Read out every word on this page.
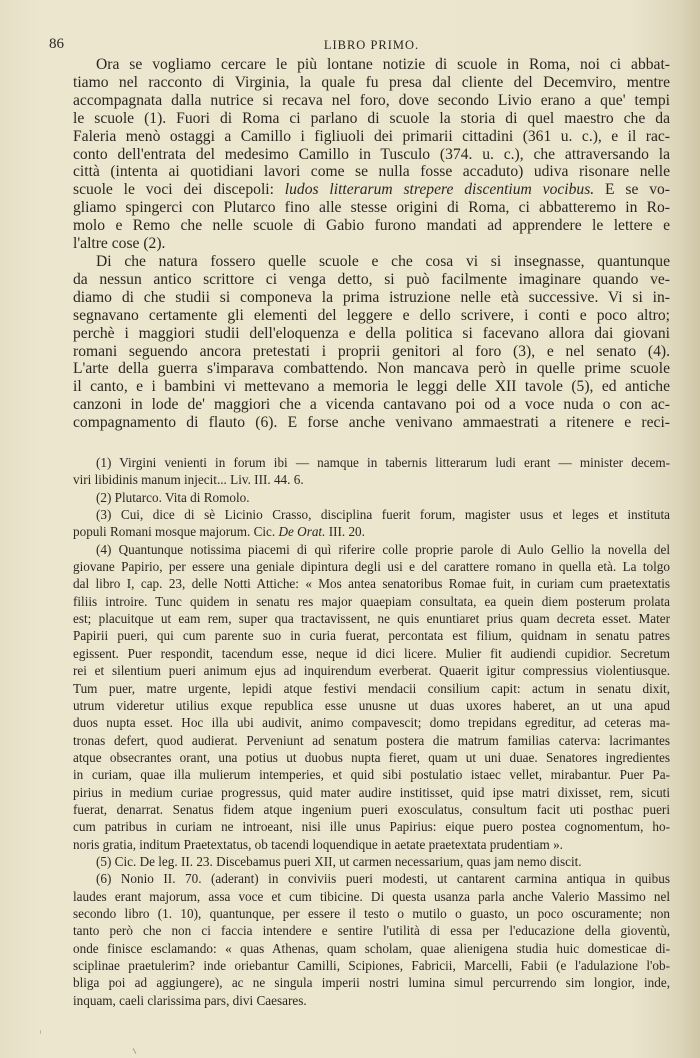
86	LIBRO PRIMO.
Ora se vogliamo cercare le più lontane notizie di scuole in Roma, noi ci abbat-
tiamo nel racconto di Virginia, la quale fu presa dal cliente del Decemviro, mentre
accompagnata dalla nutrice si recava nel foro, dove secondo Livio erano a que' tempi
le scuole (1). Fuori di Roma ci parlano di scuole la storia di quel maestro che da
Faleria menò ostaggi a Camillo i figliuoli dei primarii cittadini (361 u. c.), e il rac-
conto dell'entrata del medesimo Camillo in Tusculo (374. u. c.), che attraversando la
città (intenta ai quotidiani lavori come se nulla fosse accaduto) udiva risonare nelle
scuole le voci dei discepoli: ludos litterarum strepere discentium vocibus. E se vo-
gliamo spingerci con Plutarco fino alle stesse origini di Roma, ci abbatteremo in Ro-
molo e Remo che nelle scuole di Gabio furono mandati ad apprendere le lettere e
l'altre cose (2).
Di che natura fossero quelle scuole e che cosa vi si insegnasse, quantunque
da nessun antico scrittore ci venga detto, si può facilmente imaginare quando ve-
diamo di che studii si componeva la prima istruzione nelle età successive. Vi si in-
segnavano certamente gli elementi del leggere e dello scrivere, i conti e poco altro;
perchè i maggiori studii dell'eloquenza e della politica si facevano allora dai giovani
romani seguendo ancora pretestati i proprii genitori al foro (3), e nel senato (4).
L'arte della guerra s'imparava combattendo. Non mancava però in quelle prime scuole
il canto, e i bambini vi mettevano a memoria le leggi delle XII tavole (5), ed antiche
canzoni in lode de' maggiori che a vicenda cantavano poi od a voce nuda o con ac-
compagnamento di flauto (6). E forse anche venivano ammaestrati a ritenere e reci-
(1) Virgini venienti in forum ibi — namque in tabernis litterarum ludi erant — minister decem-
viri libidinis manum injecit... Liv. III. 44. 6.
(2) Plutarco. Vita di Romolo.
(3) Cui, dice di sè Licinio Crasso, disciplina fuerit forum, magister usus et leges et instituta
populi Romani mosque majorum. Cic. De Orat. III. 20.
(4) Quantunque notissima piacemi di quì riferire colle proprie parole di Aulo Gellio la novella del
giovane Papirio, per essere una geniale dipintura degli usi e del carattere romano in quella età. La tolgo
dal libro I, cap. 23, delle Notti Attiche: « Mos antea senatoribus Romae fuit, in curiam cum praetextatis
filiis introire. Tunc quidem in senatu res major quaepiam consultata, ea quein diem posterum prolata
est; placuitque ut eam rem, super qua tractavissent, ne quis enuntiaret prius quam decreta esset. Mater
Papirii pueri, qui cum parente suo in curia fuerat, percontata est filium, quidnam in senatu patres
egissent. Puer respondit, tacendum esse, neque id dici licere. Mulier fit audiendi cupidior. Secretum
rei et silentium pueri animum ejus ad inquirendum everberat. Quaerit igitur compressius violentiusque.
Tum puer, matre urgente, lepidi atque festivi mendacii consilium capit: actum in senatu dixit,
utrum videretur utilius exque republica esse unusne ut duas uxores haberet, an ut una apud
duos nupta esset. Hoc illa ubi audivit, animo compavescit; domo trepidans egreditur, ad ceteras ma-
tronas defert, quod audierat. Perveniunt ad senatum postera die matrum familias caterva: lacrimantes
atque obsecrantes orant, una potius ut duobus nupta fieret, quam ut uni duae. Senatores ingredientes
in curiam, quae illa mulierum intemperies, et quid sibi postulatio istaec vellet, mirabantur. Puer Pa-
pirius in medium curiae progressus, quid mater audire institisset, quid ipse matri dixisset, rem, sicuti
fuerat, denarrat. Senatus fidem atque ingenium pueri exosculatus, consultum facit uti posthac pueri
cum patribus in curiam ne introeant, nisi ille unus Papirius: eique puero postea cognomentum, ho-
noris gratia, inditum Praetextatus, ob tacendi loquendique in aetate praetextata prudentiam ».
(5) Cic. De leg. II. 23. Discebamus pueri XII, ut carmen necessarium, quas jam nemo discit.
(6) Nonio II. 70. (aderant) in conviviis pueri modesti, ut cantarent carmina antiqua in quibus
laudes erant majorum, assa voce et cum tibicine. Di questa usanza parla anche Valerio Massimo nel
secondo libro (1. 10), quantunque, per essere il testo o mutilo o guasto, un poco oscuramente; non
tanto però che non ci faccia intendere e sentire l'utilità di essa per l'educazione della gioventù,
onde finisce esclamando: « quas Athenas, quam scholam, quae alienigena studia huic domesticae di-
sciplinae praetulerim? inde oriebantur Camilli, Scipiones, Fabricii, Marcelli, Fabii (e l'adulazione l'ob-
bliga poi ad aggiungere), ac ne singula imperii nostri lumina simul percurrendo sim longior, inde,
inquam, caeli clarissima pars, divi Caesares.
